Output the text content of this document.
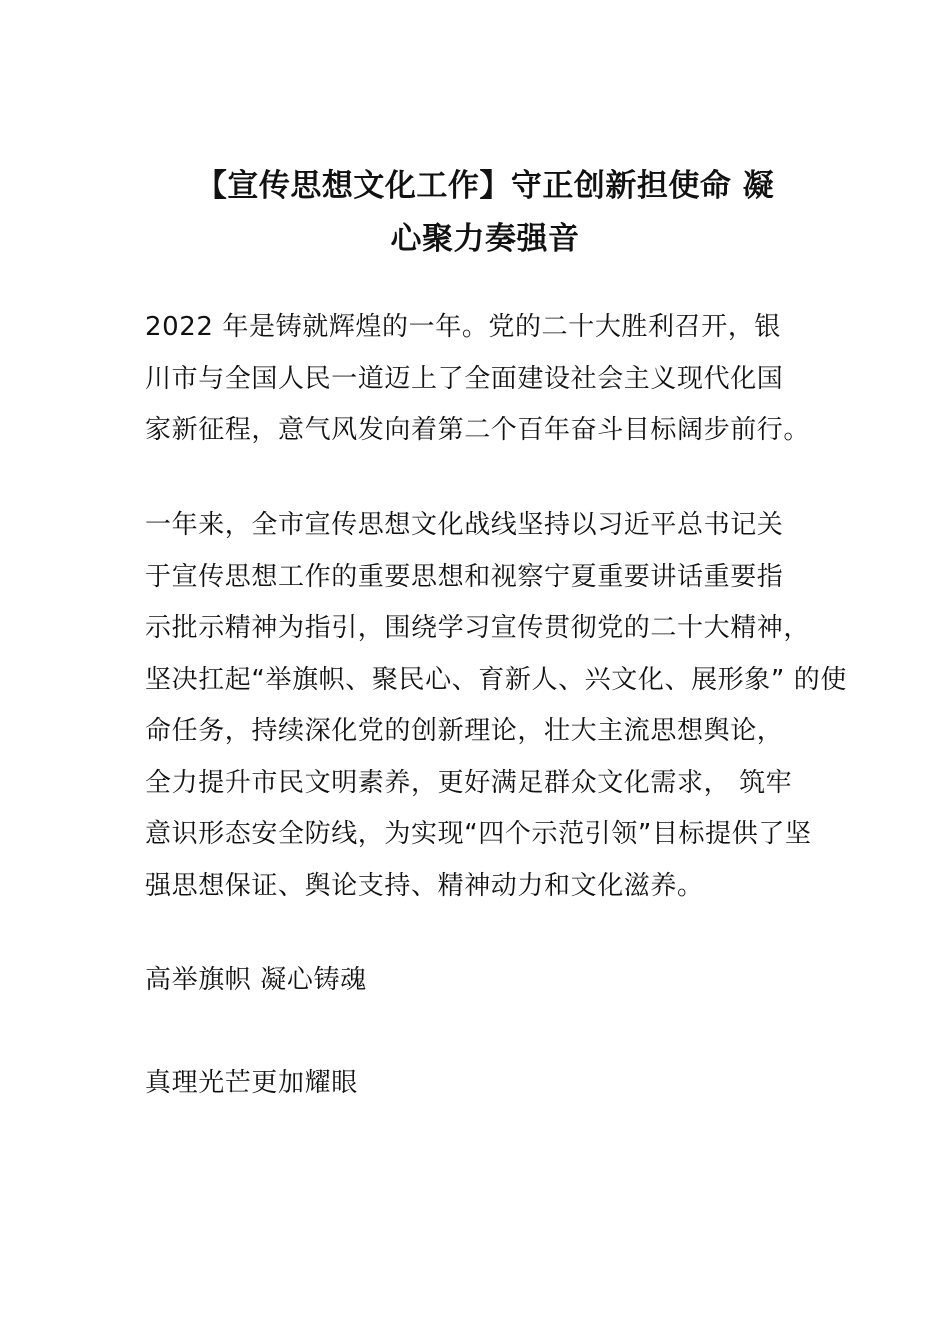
【宣传思想文化工作】守正创新担使命 凝
心聚力奏强音

2022 年是铸就辉煌的一年。党的二十大胜利召开，银
川市与全国人民一道迈上了全面建设社会主义现代化国
家新征程，意气风发向着第二个百年奋斗目标阔步前行。

一年来，全市宣传思想文化战线坚持以习近平总书记关
于宣传思想工作的重要思想和视察宁夏重要讲话重要指
示批示精神为指引，围绕学习宣传贯彻党的二十大精神，
坚决扛起“举旗帜、聚民心、育新人、兴文化、展形象” 的使
命任务，持续深化党的创新理论，壮大主流思想舆论，
全力提升市民文明素养，更好满足群众文化需求， 筑牢
意识形态安全防线，为实现“四个示范引领”目标提供了坚
强思想保证、舆论支持、精神动力和文化滋养。

高举旗帜 凝心铸魂

真理光芒更加耀眼
